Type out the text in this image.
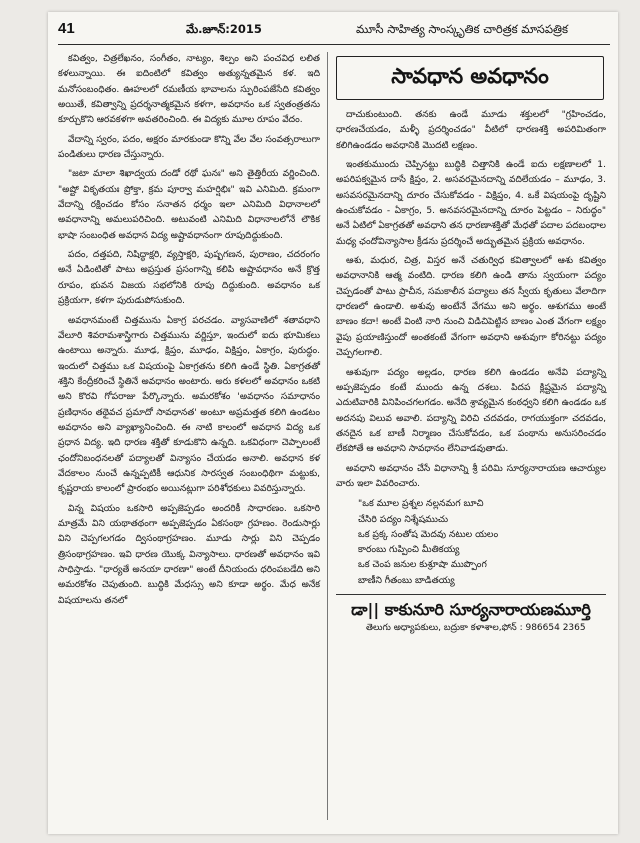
41	మే.జూన్:2015	మూసీ సాహిత్య సాంస్కృతిక చారిత్రక మాసపత్రిక

కవిత్వం, చిత్రలేఖనం, సంగీతం, నాట్యం, శిల్పం అని పంచవిధ లలిత కళలున్నాయి. ఈ ఐదింటిలో కవిత్వం అత్యున్నతమైన కళ. ఇది మనోసంబంధితం. ఊహలలో రమణీయ భావాలను స్ఫురింపజేసేది కవిత్వం అయితే, కవిత్వాన్ని ప్రదర్శనాత్మకమైన కళగా, అవధానం ఒక స్వతంత్రతను కూర్చుకొని ఆరవకళగా అవతరించింది. ఈ విద్యకు మూల రూపం వేదం.

వేదాన్ని స్వరం, పదం, అక్షరం మారకుండా కొన్ని వేల వేల సంవత్సరాలుగా పండితులు ధారణ చేస్తున్నారు.

"జటా మాలా శిఖాద్వయ దండో రథో ఘనః" అని తైత్తిరీయ వర్ణించింది. "అష్టో వికృతయః ప్రోక్తా, క్రమ పూర్వా మహర్షిభిః" ఇవి ఎనిమిది. క్రమంగా వేదాన్ని రక్షించడం కోసం సనాతన ధర్మం ఇలా ఎనిమిది విధానాలలో అవధానాన్ని అమలుపరిచింది. అటువంటి ఎనిమిది విధానాలలోనే లౌకిక భాషా సంబంధిత అవధాన విద్య అష్టావధానంగా రూపుదిద్దుకుంది.

పదం, దత్తపది, నిషిద్ధాక్షరి, వ్యస్తాక్షరి, పుష్పగణన, పురాణం, చదరంగం అనే ఏడింటితో పాటు అప్రస్తుత ప్రసంగాన్ని కలిపి అష్టావధానం అనే క్రొత్త రూపం, భువన విజయ సభలోనికి రూపు దిద్దుకుంది. అవధానం ఒక ప్రక్రియగా, కళగా పురుడుపోసుకుంది.

అవధానమంటే చిత్తమును ఏకాగ్ర పరచడం. వ్యాసవాణిలో శతావధాని వేలూరి శివరామశాస్త్రిగారు చిత్తమును వర్ణిస్తూ, ఇందులో ఐదు భూమికలు ఉంటాయి అన్నారు. మూఢ, క్షిప్తం, మూఢం, విక్షిప్తం, ఏకాగ్రం, పురుద్ధం. ఇందులో చిత్తము ఒక విషయంపై ఏకాగ్రతను కలిగి ఉండే స్థితి. ఏకాగ్రతతో శక్తిని కేంద్రీకరించే స్థితినే అవధానం అంటారు. అరు కళలలో అవధానం ఒకటి అని కొరవి గోపరాజు పేర్కొన్నారు. అమరకోశం 'అవధానం సమాధానం ప్రణిధానం తథైవచ ప్రమాదో సావధానత' అంటూ అప్రమత్తత కలిగి ఉండటం అవధానం అని వ్యాఖ్యానించింది. ఈ నాటి కాలంలో అవధాన విద్య ఒక ప్రధాన విద్య. ఇది ధారణ శక్తితో కూడుకొని ఉన్నది. ఒకవిధంగా చెప్పాలంటే ఛందోనిబంధనలతో పద్యాలతో విన్యాసం చేయడం అనాలి. అవధాన కళ వేదకాలం నుంచే ఉన్నప్పటికీ ఆధునిక సారస్వత సంబంధిథిగా మట్టుకు, కృష్ణరాయ కాలంలో ప్రారంభం అయినట్లుగా పరిశోధకులు వివరిస్తున్నారు.

విన్న విషయం ఒకసారి అప్పజెప్పడం అందరికీ సాధారణం. ఒకసారి మాత్రమే విని యథాతథంగా అప్పజెప్పడం ఏకసంథా గ్రహణం. రెండుసార్లు విని చెప్పగలగడం ద్విసంథాగ్రహణం. మూడు సార్లు విని చెప్పడం త్రిసంథాగ్రహణం. ఇవి ధారణ యొక్క విన్యాసాలు. ధారణతో అవధానం ఇవి సాధిస్తాడు. "ధార్యతే అనయా ధారణా" అంటే దీనియందు ధరింపబడేది అని అమరకోశం చెపుతుంది. బుద్ధికి మేధస్సు అని కూడా అర్థం. మేధ అనేక విషయాలను తనలో

సావధాన అవధానం

దాచుకుంటుంది. తనకు ఉండే మూడు శక్తులలో "గ్రహించడం, ధారణచేయడం, మళ్ళీ ప్రదర్శించడం" వీటిలో ధారణశక్తి అపరిమితంగా కలిగిఉండడం అవధానికి మొదటి లక్షణం.

ఇంతకుముందు చెప్పినట్టు బుద్ధికి చిత్తానికి ఉండే ఐదు లక్షణాలలో 1. అపరిపక్వమైన దాసే క్షిప్తం, 2. అసవరమైనదాన్ని వదిలేయడం – మూఢం, 3. అసవసరమైనదాన్ని దూరం చేసుకోవడం - విక్షిప్తం, 4. ఒకే విషయంపై దృష్టిని ఉంచుకోవడం - ఏకాగ్రం, 5. అనవసరమైనదాన్ని దూరం పెట్టడం – నిరుద్ధం" అనే ఏటిలో ఏకాగ్రతతో అవధాని తన ధారణాశక్తితో మేధతో పదాల పదబంధాల మధ్య ఛందోవిన్యాసాల క్రీడను ప్రదర్శించే అద్భుతమైన ప్రక్రియ అవధానం.

ఆశు, మధుర, చిత్ర, విస్తర అనే చతుర్విధ కవిత్వాలలో ఆశు కవిత్వం అవధానానికి ఆత్మ వంటిది. ధారణ కలిగి ఉండి తాను స్వయంగా పద్యం చెప్పడంతో పాటు ప్రాచీన, సమకాలీన పద్యాలు తన స్వీయ కృతులు వేలాదిగా ధారణలో ఉండాలి. అశువు అంటేనే వేగము అని అర్థం. ఆశుగము అంటే బాణం కదా! అంటే వింటి నారి నుంచి విడిచిపెట్టిన బాణం ఎంత వేగంగా లక్ష్యం వైపు ప్రయాణిస్తుందో అంతకంటే వేగంగా అవధాని ఆశువుగా కోరినట్టు పద్యం చెప్పగలగాలి.

ఆశువుగా పద్యం అల్లడం, ధారణ కలిగి ఉండడం అనేవి పద్యాన్ని అప్పజెప్పడం కంటే ముందు ఉన్న దశలు. పిదప క్లిష్టమైన పద్యాన్ని ఎదుటివారికి వినిపించగలగడం. అనేది శ్రావ్యమైన కంఠధ్వని కలిగి ఉండడం ఒక అదనపు విలువ అవాలి. పద్యాన్ని విరిచి చదవడం, రాగయుక్తంగా చదవడం, తనదైన ఒక బాణీ నిర్మాణం చేసుకోవడం, ఒక పంథాను అనుసరించడం లేకపోతే ఆ అవధాని సావధానం లేనివాడవుతాడు.

అవధాని అవధానం చేసే విధానాన్ని శ్రీ పరిమి సూర్యనారాయణ ఆచార్యుల వారు ఇలా వివరించారు.

"ఒక మూల ప్రశ్నల నల్లనమగ బూచి
చేసిరి పద్యం నిశ్శేషముచు
ఒక ప్రక్క సంతోష మెదవు నటుల యలం
కారంబు గుప్పించి మీతికయ్య
ఒక చెంప జనుల కుశ్రూషా ముప్పొంగ
బాణీని గీతంబు బాడితయ్య
డా|| కాకునూరి సూర్యనారాయణమూర్తి
తెలుగు అధ్యాపకులు, బద్రుకా కళాశాల,ఫోన్ : 986654 2365
